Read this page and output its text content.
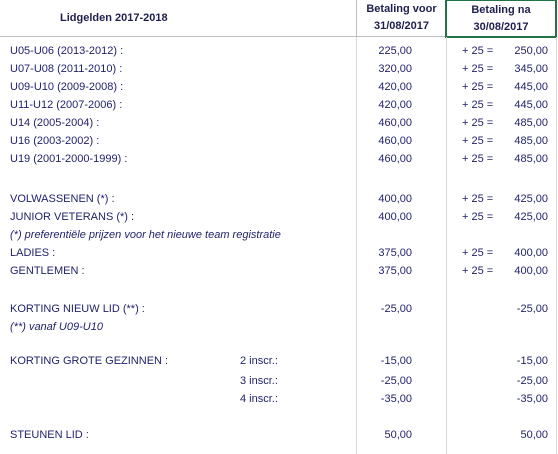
Lidgelden 2017-2018
Betaling voor
31/08/2017
Betaling na
30/08/2017
U05-U06 (2013-2012) :	225,00	+ 25 =	250,00
U07-U08 (2011-2010) :	320,00	+ 25 =	345,00
U09-U10 (2009-2008) :	420,00	+ 25 =	445,00
U11-U12 (2007-2006) :	420,00	+ 25 =	445,00
U14 (2005-2004) :	460,00	+ 25 =	485,00
U16 (2003-2002) :	460,00	+ 25 =	485,00
U19 (2001-2000-1999) :	460,00	+ 25 =	485,00
VOLWASSENEN (*) :	400,00	+ 25 =	425,00
JUNIOR VETERANS (*) :	400,00	+ 25 =	425,00
(*) preferentiële prijzen voor het nieuwe team registratie
LADIES :	375,00	+ 25 =	400,00
GENTLEMEN :	375,00	+ 25 =	400,00
KORTING NIEUW LID (**) :	-25,00	-25,00
(**) vanaf U09-U10
KORTING GROTE GEZINNEN :	2 inscr.:	-15,00	-15,00
3 inscr.:	-25,00	-25,00
4 inscr.:	-35,00	-35,00
STEUNEN LID :	50,00	50,00
